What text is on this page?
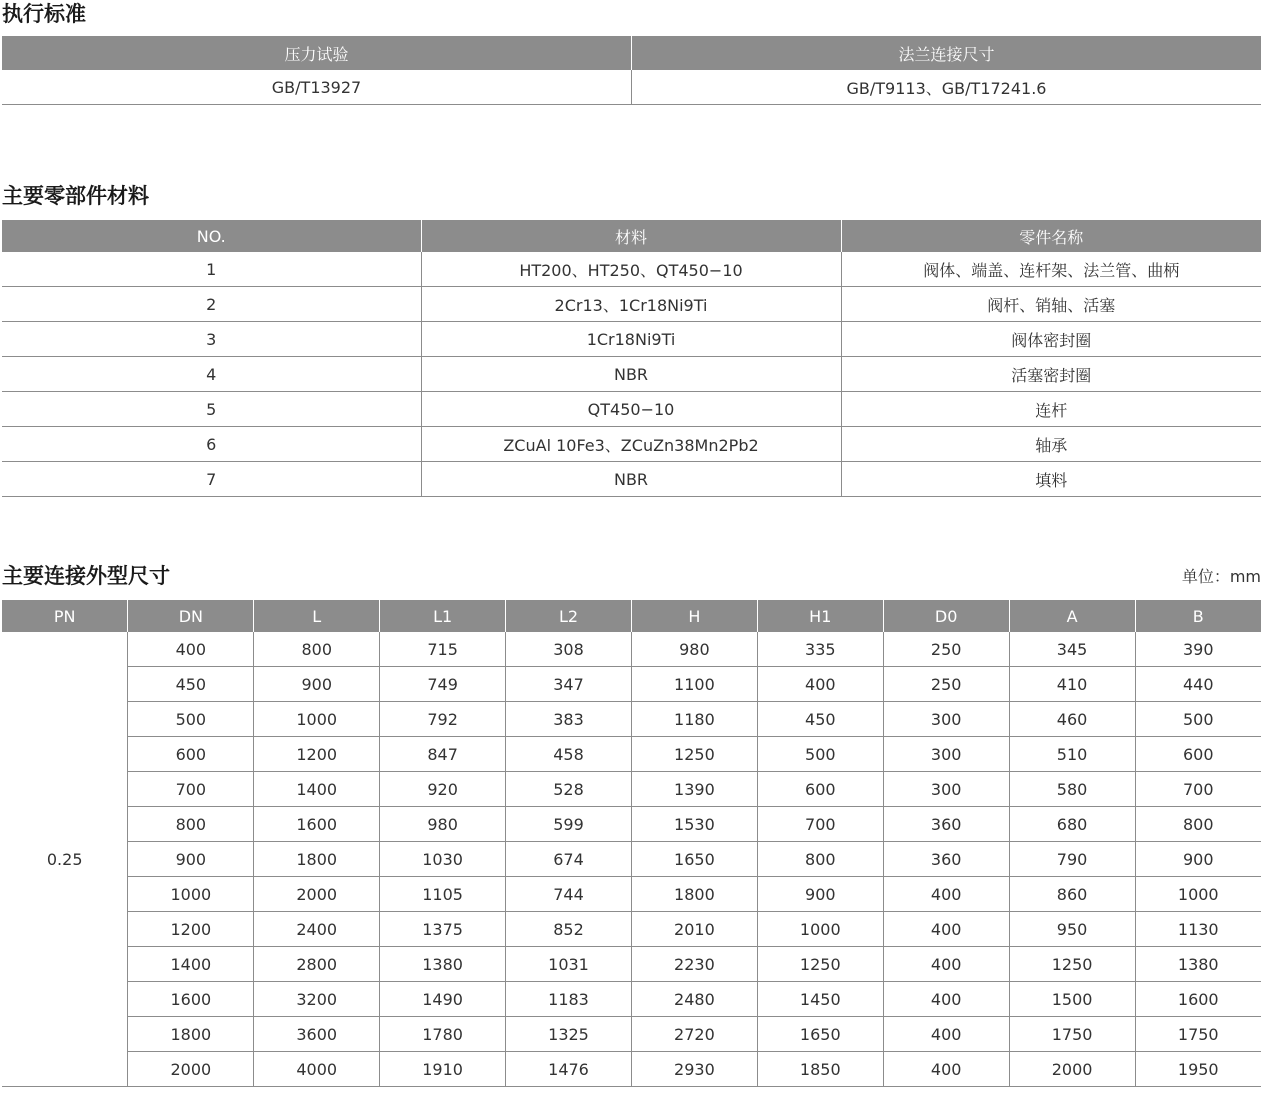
执行标准
压力试验	法兰连接尺寸
GB/T13927	GB/T9113、GB/T17241.6
主要零部件材料
NO.	材料	零件名称
1	HT200、HT250、QT450−10	阀体、端盖、连杆架、法兰管、曲柄
2	2Cr13、1Cr18Ni9Ti	阀杆、销轴、活塞
3	1Cr18Ni9Ti	阀体密封圈
4	NBR	活塞密封圈
5	QT450−10	连杆
6	ZCuAl 10Fe3、ZCuZn38Mn2Pb2	轴承
7	NBR	填料
主要连接外型尺寸	单位：mm
PN	DN	L	L1	L2	H	H1	D0	A	B
0.25	400	800	715	308	980	335	250	345	390
	450	900	749	347	1100	400	250	410	440
	500	1000	792	383	1180	450	300	460	500
	600	1200	847	458	1250	500	300	510	600
	700	1400	920	528	1390	600	300	580	700
	800	1600	980	599	1530	700	360	680	800
	900	1800	1030	674	1650	800	360	790	900
	1000	2000	1105	744	1800	900	400	860	1000
	1200	2400	1375	852	2010	1000	400	950	1130
	1400	2800	1380	1031	2230	1250	400	1250	1380
	1600	3200	1490	1183	2480	1450	400	1500	1600
	1800	3600	1780	1325	2720	1650	400	1750	1750
	2000	4000	1910	1476	2930	1850	400	2000	1950
